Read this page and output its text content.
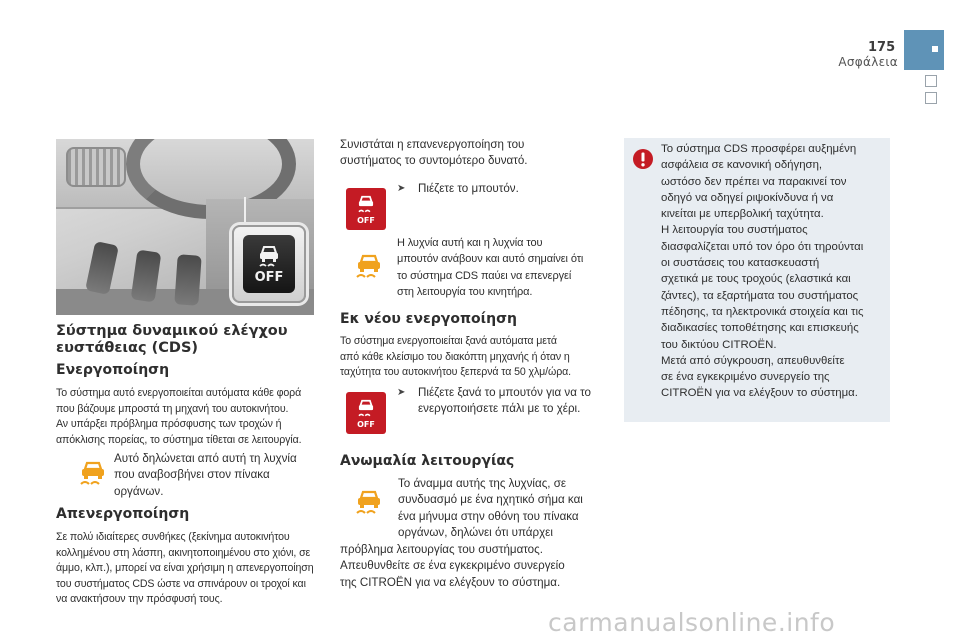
175
Ασφάλεια
OFF
Σύστημα δυναμικού ελέγχου ευστάθειας (CDS)
Ενεργοποίηση
Το σύστημα αυτό ενεργοποιείται αυτόματα κάθε φορά
που βάζουμε μπροστά τη μηχανή του αυτοκινήτου.
Αν υπάρξει πρόβλημα πρόσφυσης των τροχών ή
απόκλισης πορείας, το σύστημα τίθεται σε λειτουργία.
Αυτό δηλώνεται από αυτή τη λυχνία
που αναβοσβήνει στον πίνακα
οργάνων.
Απενεργοποίηση
Σε πολύ ιδιαίτερες συνθήκες (ξεκίνημα αυτοκινήτου
κολλημένου στη λάσπη, ακινητοποιημένου στο χιόνι, σε
άμμο, κλπ.), μπορεί να είναι χρήσιμη η απενεργοποίηση
του συστήματος CDS ώστε να σπινάρουν οι τροχοί και
να ανακτήσουν την πρόσφυσή τους.
Συνιστάται η επανενεργοποίηση του
συστήματος το συντομότερο δυνατό.
OFF
➤ Πιέζετε το μπουτόν.
Η λυχνία αυτή και η λυχνία του
μπουτόν ανάβουν και αυτό σημαίνει ότι
το σύστημα CDS παύει να επενεργεί
στη λειτουργία του κινητήρα.
Εκ νέου ενεργοποίηση
Το σύστημα ενεργοποιείται ξανά αυτόματα μετά
από κάθε κλείσιμο του διακόπτη μηχανής ή όταν η
ταχύτητα του αυτοκινήτου ξεπερνά τα 50 χλμ/ώρα.
OFF
➤ Πιέζετε ξανά το μπουτόν για να το
ενεργοποιήσετε πάλι με το χέρι.
Ανωμαλία λειτουργίας
Το άναμμα αυτής της λυχνίας, σε
συνδυασμό με ένα ηχητικό σήμα και
ένα μήνυμα στην οθόνη του πίνακα
οργάνων, δηλώνει ότι υπάρχει
πρόβλημα λειτουργίας του συστήματος.
Απευθυνθείτε σε ένα εγκεκριμένο συνεργείο
της CITROËN για να ελέγξουν το σύστημα.
Το σύστημα CDS προσφέρει αυξημένη
ασφάλεια σε κανονική οδήγηση,
ωστόσο δεν πρέπει να παρακινεί τον
οδηγό να οδηγεί ριψοκίνδυνα ή να
κινείται με υπερβολική ταχύτητα.
Η λειτουργία του συστήματος
διασφαλίζεται υπό τον όρο ότι τηρούνται
οι συστάσεις του κατασκευαστή
σχετικά με τους τροχούς (ελαστικά και
ζάντες), τα εξαρτήματα του συστήματος
πέδησης, τα ηλεκτρονικά στοιχεία και τις
διαδικασίες τοποθέτησης και επισκευής
του δικτύου CITROËN.
Μετά από σύγκρουση, απευθυνθείτε
σε ένα εγκεκριμένο συνεργείο της
CITROËN για να ελέγξουν το σύστημα.
carmanualsonline.info
